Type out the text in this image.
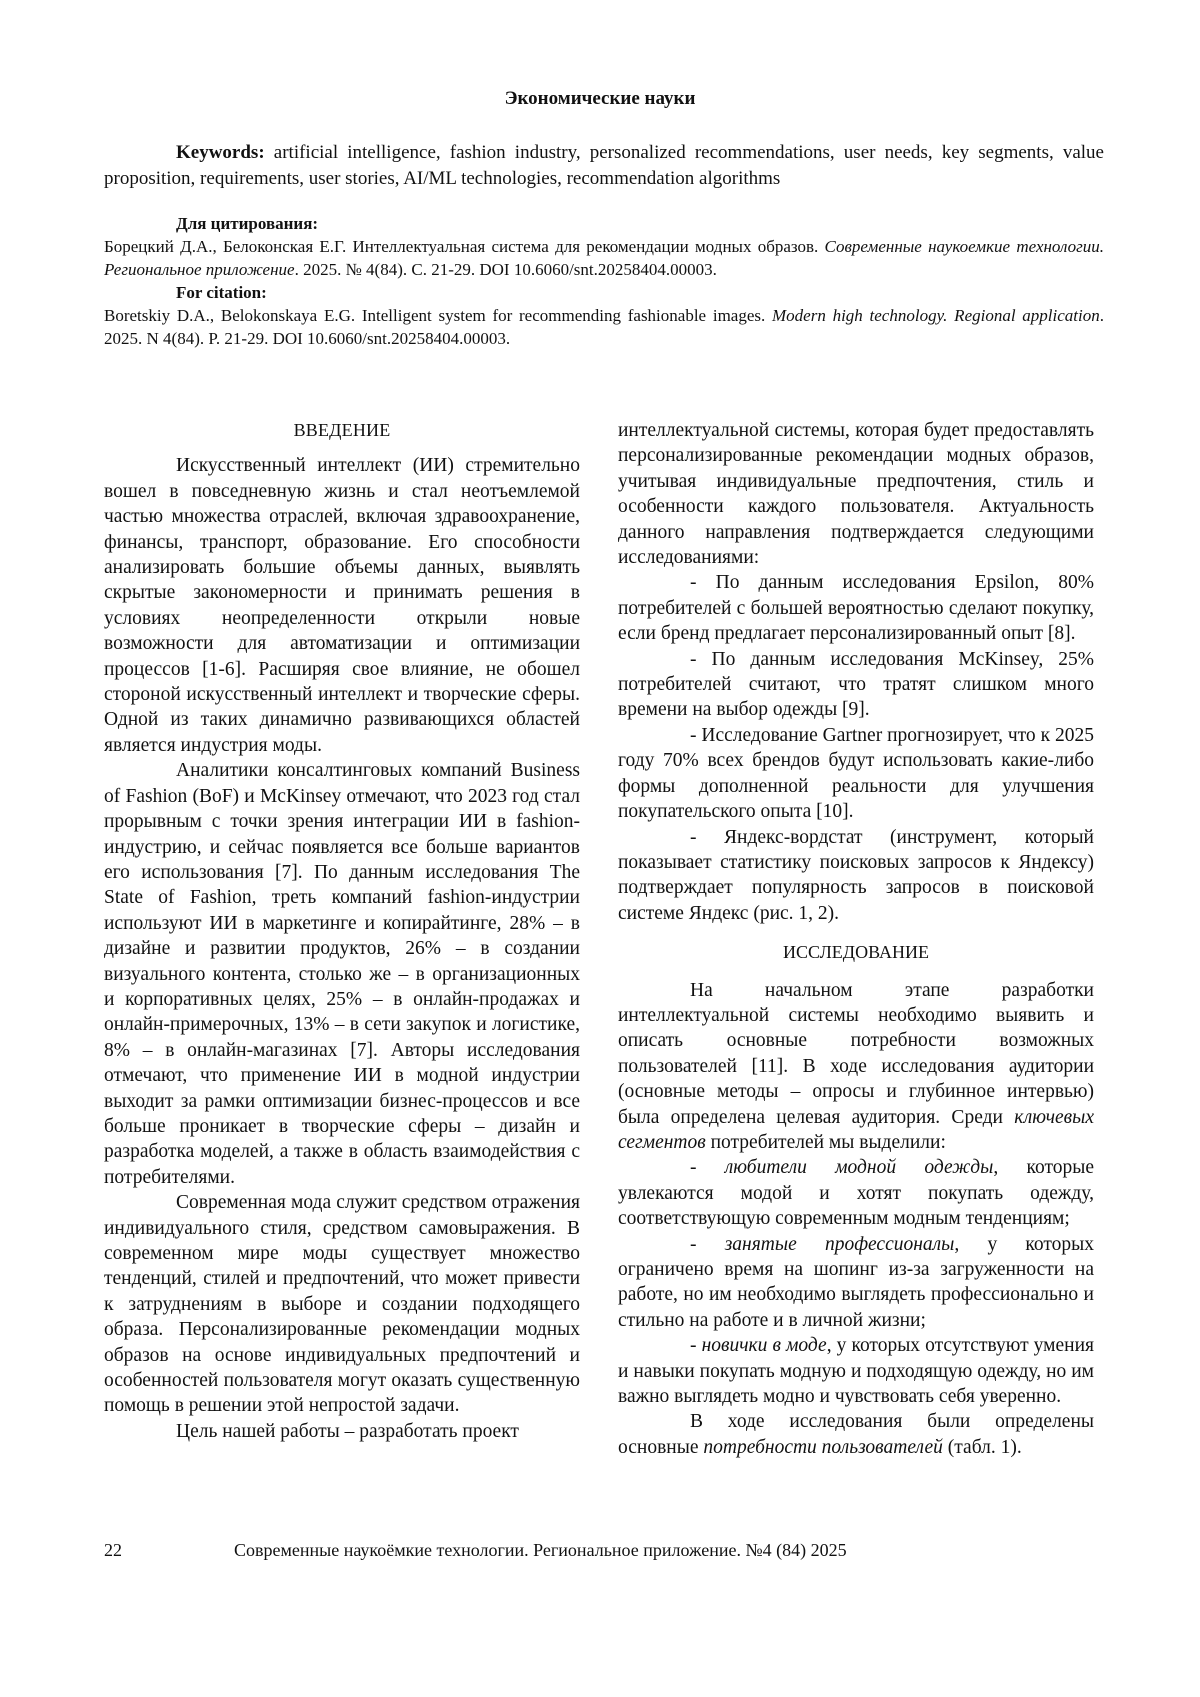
Экономические науки
Keywords: artificial intelligence, fashion industry, personalized recommendations, user needs, key segments, value proposition, requirements, user stories, AI/ML technologies, recommendation algorithms
Для цитирования:
Борецкий Д.А., Белоконская Е.Г. Интеллектуальная система для рекомендации модных образов. Современные наукоемкие технологии. Региональное приложение. 2025. № 4(84). С. 21-29. DOI 10.6060/snt.20258404.00003.
For citation:
Boretskiy D.A., Belokonskaya E.G. Intelligent system for recommending fashionable images. Modern high technology. Regional application. 2025. N 4(84). P. 21-29. DOI 10.6060/snt.20258404.00003.

ВВЕДЕНИЕ

Искусственный интеллект (ИИ) стремительно вошел в повседневную жизнь и стал неотъемлемой частью множества отраслей, включая здравоохранение, финансы, транспорт, образование. Его способности анализировать большие объемы данных, выявлять скрытые закономерности и принимать решения в условиях неопределенности открыли новые возможности для автоматизации и оптимизации процессов [1-6]. Расширяя свое влияние, не обошел стороной искусственный интеллект и творческие сферы. Одной из таких динамично развивающихся областей является индустрия моды.

Аналитики консалтинговых компаний Business of Fashion (BoF) и McKinsey отмечают, что 2023 год стал прорывным с точки зрения интеграции ИИ в fashion-индустрию, и сейчас появляется все больше вариантов его использования [7]. По данным исследования The State of Fashion, треть компаний fashion-индустрии используют ИИ в маркетинге и копирайтинге, 28% – в дизайне и развитии продуктов, 26% – в создании визуального контента, столько же – в организационных и корпоративных целях, 25% – в онлайн-продажах и онлайн-примерочных, 13% – в сети закупок и логистике, 8% – в онлайн-магазинах [7]. Авторы исследования отмечают, что применение ИИ в модной индустрии выходит за рамки оптимизации бизнес-процессов и все больше проникает в творческие сферы – дизайн и разработка моделей, а также в область взаимодействия с потребителями.

Современная мода служит средством отражения индивидуального стиля, средством самовыражения. В современном мире моды существует множество тенденций, стилей и предпочтений, что может привести к затруднениям в выборе и создании подходящего образа. Персонализированные рекомендации модных образов на основе индивидуальных предпочтений и особенностей пользователя могут оказать существенную помощь в решении этой непростой задачи.

Цель нашей работы – разработать проект

интеллектуальной системы, которая будет предоставлять персонализированные рекомендации модных образов, учитывая индивидуальные предпочтения, стиль и особенности каждого пользователя. Актуальность данного направления подтверждается следующими исследованиями:

- По данным исследования Epsilon, 80% потребителей с большей вероятностью сделают покупку, если бренд предлагает персонализированный опыт [8].

- По данным исследования McKinsey, 25% потребителей считают, что тратят слишком много времени на выбор одежды [9].

- Исследование Gartner прогнозирует, что к 2025 году 70% всех брендов будут использовать какие-либо формы дополненной реальности для улучшения покупательского опыта [10].

- Яндекс-вордстат (инструмент, который показывает статистику поисковых запросов к Яндексу) подтверждает популярность запросов в поисковой системе Яндекс (рис. 1, 2).

ИССЛЕДОВАНИЕ

На начальном этапе разработки интеллектуальной системы необходимо выявить и описать основные потребности возможных пользователей [11]. В ходе исследования аудитории (основные методы – опросы и глубинное интервью) была определена целевая аудитория. Среди ключевых сегментов потребителей мы выделили:

- любители модной одежды, которые увлекаются модой и хотят покупать одежду, соответствующую современным модным тенденциям;

- занятые профессионалы, у которых ограничено время на шопинг из-за загруженности на работе, но им необходимо выглядеть профессионально и стильно на работе и в личной жизни;

- новички в моде, у которых отсутствуют умения и навыки покупать модную и подходящую одежду, но им важно выглядеть модно и чувствовать себя уверенно.

В ходе исследования были определены основные потребности пользователей (табл. 1).

22	Современные наукоёмкие технологии. Региональное приложение. №4 (84) 2025
